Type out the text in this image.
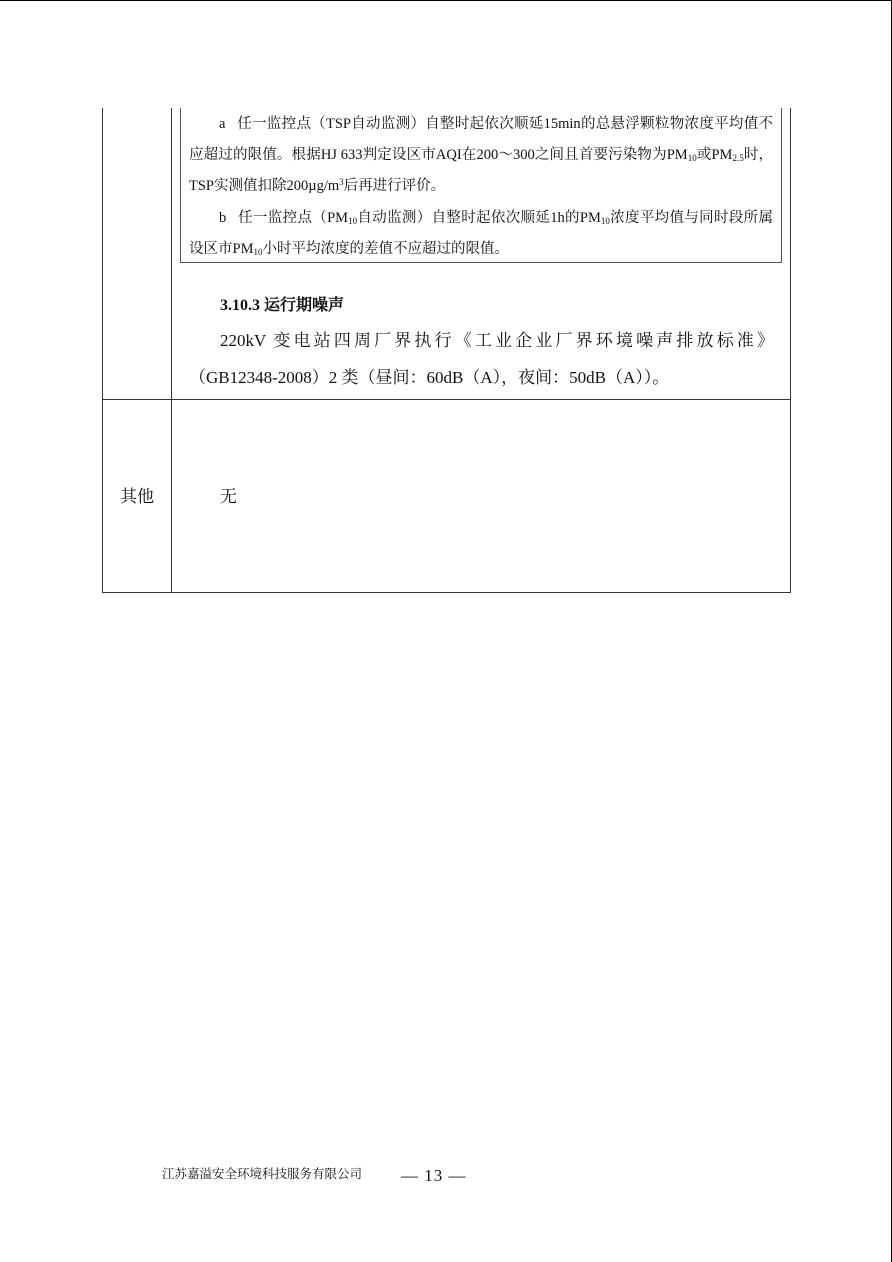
a 任一监控点（TSP自动监测）自整时起依次顺延15min的总悬浮颗粒物浓度平均值不应超过的限值。根据HJ 633判定设区市AQI在200～300之间且首要污染物为$PM_{10}$或$PM_{2.5}$时，TSP实测值扣除$200\mu g/m^3$后再进行评价。

b 任一监控点（$PM_{10}$自动监测）自整时起依次顺延1h的$PM_{10}$浓度平均值与同时段所属设区市$PM_{10}$小时平均浓度的差值不应超过的限值。

3.10.3 运行期噪声

220kV 变电站四周厂界执行《工业企业厂界环境噪声排放标准》（GB12348-2008）2 类（昼间：60dB（A），夜间：50dB（A））。

其他	无
江苏嘉溢安全环境科技服务有限公司 — 13 —
